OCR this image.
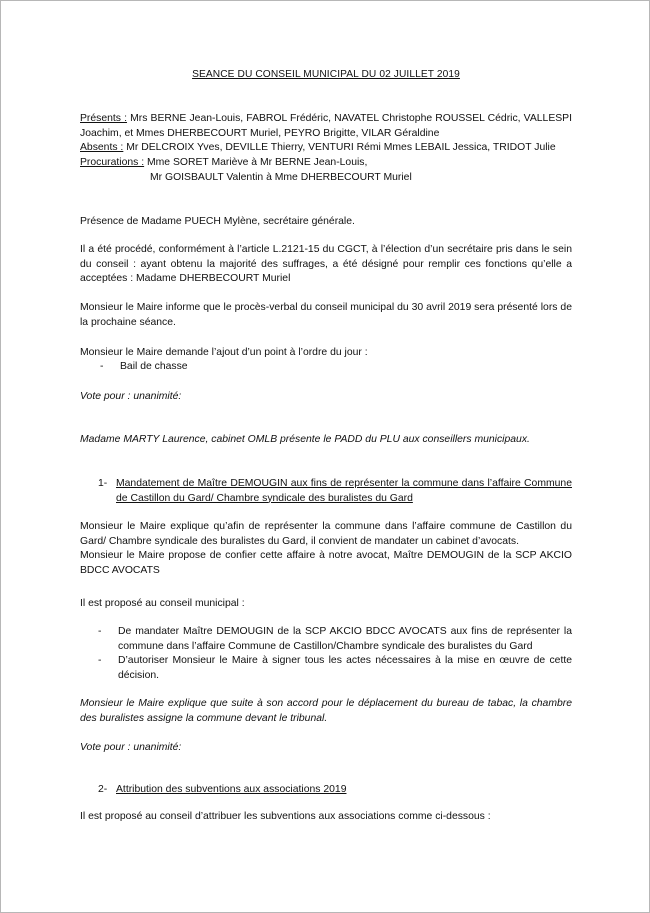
SEANCE DU CONSEIL MUNICIPAL DU 02 JUILLET 2019
Présents : Mrs BERNE Jean-Louis, FABROL Frédéric, NAVATEL Christophe ROUSSEL Cédric, VALLESPI Joachim, et Mmes DHERBECOURT Muriel, PEYRO Brigitte, VILAR Géraldine
Absents : Mr DELCROIX Yves, DEVILLE Thierry, VENTURI Rémi Mmes LEBAIL Jessica, TRIDOT Julie
Procurations : Mme SORET Mariève à Mr BERNE Jean-Louis,
Mr GOISBAULT Valentin à Mme DHERBECOURT Muriel
Présence de Madame PUECH Mylène, secrétaire générale.
Il a été procédé, conformément à l’article L.2121-15 du CGCT, à l’élection d’un secrétaire pris dans le sein du conseil : ayant obtenu la majorité des suffrages, a été désigné pour remplir ces fonctions qu’elle a acceptées : Madame DHERBECOURT Muriel
Monsieur le Maire informe que le procès-verbal du conseil municipal du 30 avril 2019 sera présenté lors de la prochaine séance.
Monsieur le Maire demande l’ajout d’un point à l’ordre du jour :
-	Bail de chasse
Vote pour : unanimité:
Madame MARTY Laurence, cabinet OMLB présente le PADD du PLU aux conseillers municipaux.
1- Mandatement de Maître DEMOUGIN aux fins de représenter la commune dans l’affaire Commune de Castillon du Gard/ Chambre syndicale des buralistes du Gard
Monsieur le Maire explique qu’afin de représenter la commune dans l’affaire commune de Castillon du Gard/ Chambre syndicale des buralistes du Gard, il convient de mandater un cabinet d’avocats.
Monsieur le Maire propose de confier cette affaire à notre avocat, Maître DEMOUGIN de la SCP AKCIO BDCC AVOCATS
Il est proposé au conseil municipal :
-	De mandater Maître DEMOUGIN de la SCP AKCIO BDCC AVOCATS aux fins de représenter la commune dans l’affaire Commune de Castillon/Chambre syndicale des buralistes du Gard
-	D’autoriser Monsieur le Maire à signer tous les actes nécessaires à la mise en œuvre de cette décision.
Monsieur le Maire explique que suite à son accord pour le déplacement du bureau de tabac, la chambre des buralistes assigne la commune devant le tribunal.
Vote pour : unanimité:
2- Attribution des subventions aux associations 2019
Il est proposé au conseil d’attribuer les subventions aux associations comme ci-dessous :
